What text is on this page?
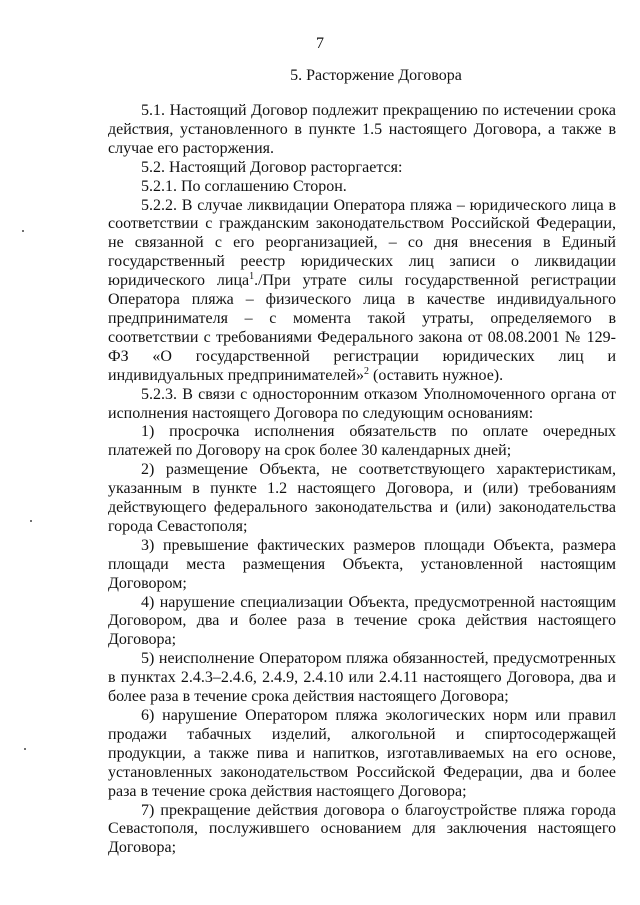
7
5. Расторжение Договора

5.1. Настоящий Договор подлежит прекращению по истечении срока действия, установленного в пункте 1.5 настоящего Договора, а также в случае его расторжения.

5.2. Настоящий Договор расторгается:

5.2.1. По соглашению Сторон.

5.2.2. В случае ликвидации Оператора пляжа – юридического лица в соответствии с гражданским законодательством Российской Федерации, не связанной с его реорганизацией, – со дня внесения в Единый государственный реестр юридических лиц записи о ликвидации юридического лица$^1$./При утрате силы государственной регистрации Оператора пляжа – физического лица в качестве индивидуального предпринимателя – с момента такой утраты, определяемого в соответствии с требованиями Федерального закона от 08.08.2001 № 129-ФЗ «О государственной регистрации юридических лиц и индивидуальных предпринимателей»$^2$ (оставить нужное).

5.2.3. В связи с односторонним отказом Уполномоченного органа от исполнения настоящего Договора по следующим основаниям:

1) просрочка исполнения обязательств по оплате очередных платежей по Договору на срок более 30 календарных дней;

2) размещение Объекта, не соответствующего характеристикам, указанным в пункте 1.2 настоящего Договора, и (или) требованиям действующего федерального законодательства и (или) законодательства города Севастополя;

3) превышение фактических размеров площади Объекта, размера площади места размещения Объекта, установленной настоящим Договором;

4) нарушение специализации Объекта, предусмотренной настоящим Договором, два и более раза в течение срока действия настоящего Договора;

5) неисполнение Оператором пляжа обязанностей, предусмотренных в пунктах 2.4.3–2.4.6, 2.4.9, 2.4.10 или 2.4.11 настоящего Договора, два и более раза в течение срока действия настоящего Договора;

6) нарушение Оператором пляжа экологических норм или правил продажи табачных изделий, алкогольной и спиртосодержащей продукции, а также пива и напитков, изготавливаемых на его основе, установленных законодательством Российской Федерации, два и более раза в течение срока действия настоящего Договора;

7) прекращение действия договора о благоустройстве пляжа города Севастополя, послужившего основанием для заключения настоящего Договора;
